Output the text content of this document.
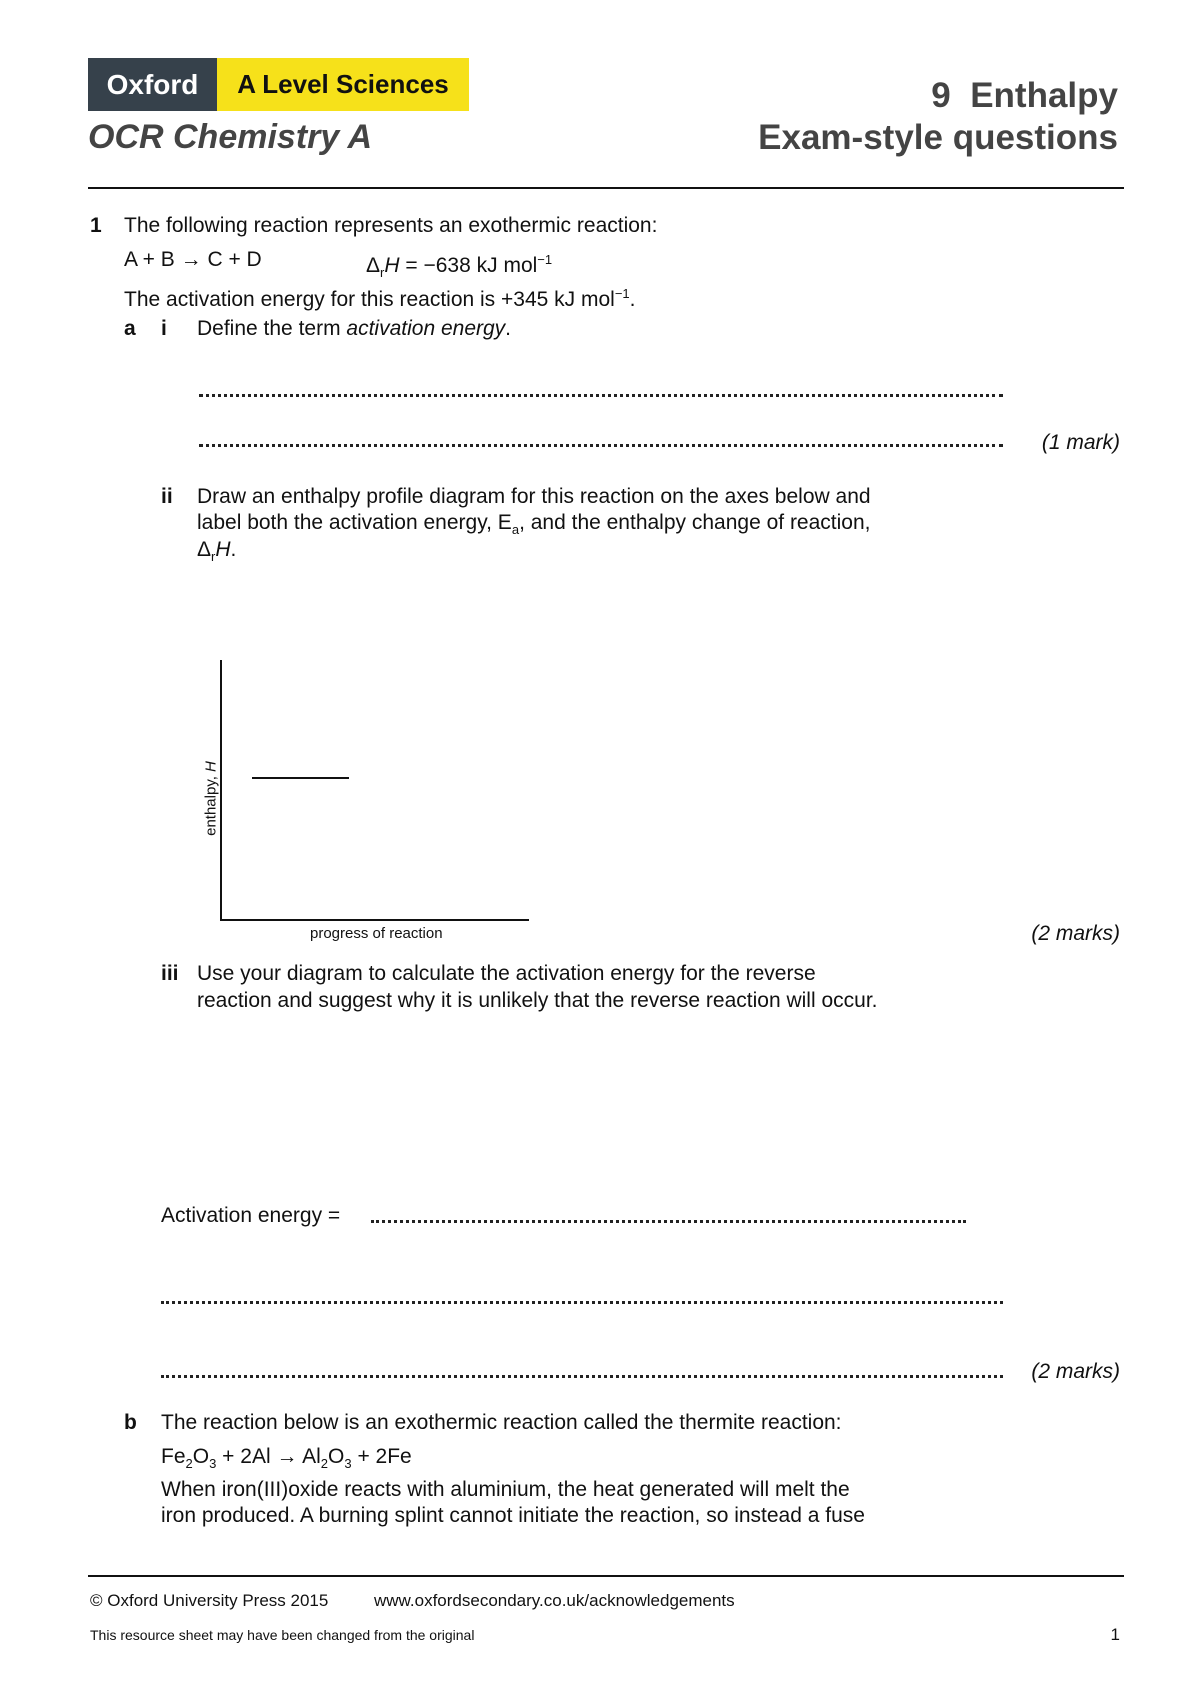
Oxford	A Level Sciences
OCR Chemistry A
9  Enthalpy
Exam-style questions
1 The following reaction represents an exothermic reaction:
A + B → C + D	$\Delta_rH = -638$ kJ mol$^{-1}$
The activation energy for this reaction is +345 kJ mol$^{-1}$.
a i Define the term activation energy.
(1 mark)
ii Draw an enthalpy profile diagram for this reaction on the axes below and
label both the activation energy, $E_a$, and the enthalpy change of reaction,
$\Delta_rH$.
enthalpy, H
progress of reaction	(2 marks)
iii Use your diagram to calculate the activation energy for the reverse
reaction and suggest why it is unlikely that the reverse reaction will occur.
Activation energy =
(2 marks)
b The reaction below is an exothermic reaction called the thermite reaction:
$Fe_2O_3 + 2Al \to Al_2O_3 + 2Fe$
When iron(III)oxide reacts with aluminium, the heat generated will melt the
iron produced. A burning splint cannot initiate the reaction, so instead a fuse
© Oxford University Press 2015	www.oxfordsecondary.co.uk/acknowledgements
This resource sheet may have been changed from the original	1
